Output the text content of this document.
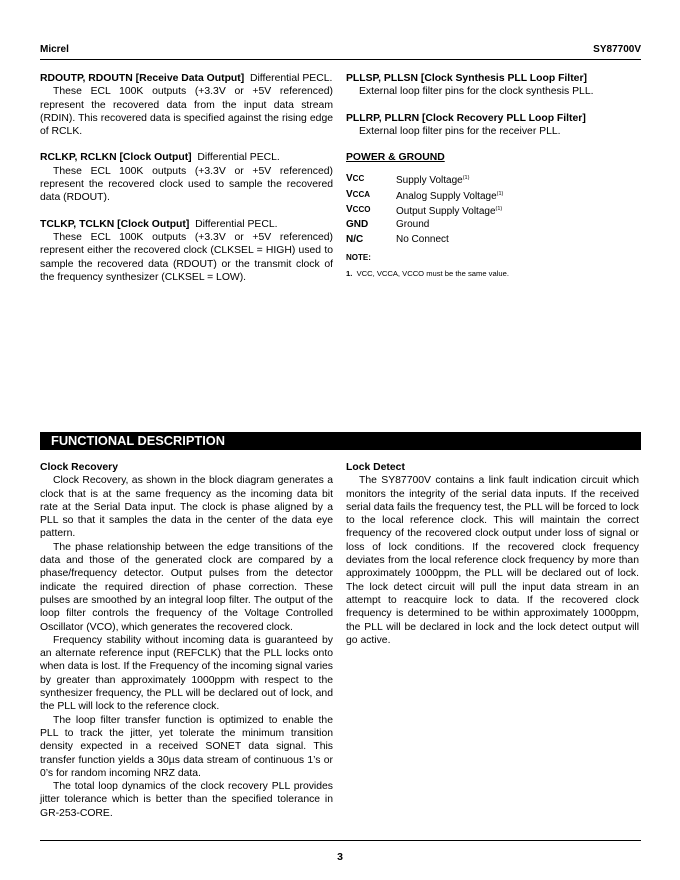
Micrel	SY87700V

RDOUTP, RDOUTN [Receive Data Output] Differential PECL.

These ECL 100K outputs (+3.3V or +5V referenced) represent the recovered data from the input data stream (RDIN). This recovered data is specified against the rising edge of RCLK.

RCLKP, RCLKN [Clock Output] Differential PECL.

These ECL 100K outputs (+3.3V or +5V referenced) represent the recovered clock used to sample the recovered data (RDOUT).

TCLKP, TCLKN [Clock Output] Differential PECL.

These ECL 100K outputs (+3.3V or +5V referenced) represent either the recovered clock (CLKSEL = HIGH) used to sample the recovered data (RDOUT) or the transmit clock of the frequency synthesizer (CLKSEL = LOW).

PLLSP, PLLSN [Clock Synthesis PLL Loop Filter]

External loop filter pins for the clock synthesis PLL.

PLLRP, PLLRN [Clock Recovery PLL Loop Filter]

External loop filter pins for the receiver PLL.

POWER & GROUND

VCC	Supply Voltage$^{(1)}$
VCCA	Analog Supply Voltage$^{(1)}$
VCCO	Output Supply Voltage$^{(1)}$
GND	Ground
N/C	No Connect
NOTE:
1. VCC, VCCA, VCCO must be the same value.
FUNCTIONAL DESCRIPTION

Clock Recovery

Clock Recovery, as shown in the block diagram generates a clock that is at the same frequency as the incoming data bit rate at the Serial Data input. The clock is phase aligned by a PLL so that it samples the data in the center of the data eye pattern.

The phase relationship between the edge transitions of the data and those of the generated clock are compared by a phase/frequency detector. Output pulses from the detector indicate the required direction of phase correction. These pulses are smoothed by an integral loop filter. The output of the loop filter controls the frequency of the Voltage Controlled Oscillator (VCO), which generates the recovered clock.

Frequency stability without incoming data is guaranteed by an alternate reference input (REFCLK) that the PLL locks onto when data is lost. If the Frequency of the incoming signal varies by greater than approximately 1000ppm with respect to the synthesizer frequency, the PLL will be declared out of lock, and the PLL will lock to the reference clock.

The loop filter transfer function is optimized to enable the PLL to track the jitter, yet tolerate the minimum transition density expected in a received SONET data signal. This transfer function yields a 30µs data stream of continuous 1’s or 0’s for random incoming NRZ data.

The total loop dynamics of the clock recovery PLL provides jitter tolerance which is better than the specified tolerance in GR-253-CORE.

Lock Detect

The SY87700V contains a link fault indication circuit which monitors the integrity of the serial data inputs. If the received serial data fails the frequency test, the PLL will be forced to lock to the local reference clock. This will maintain the correct frequency of the recovered clock output under loss of signal or loss of lock conditions. If the recovered clock frequency deviates from the local reference clock frequency by more than approximately 1000ppm, the PLL will be declared out of lock. The lock detect circuit will pull the input data stream in an attempt to reacquire lock to data. If the recovered clock frequency is determined to be within approximately 1000ppm, the PLL will be declared in lock and the lock detect output will go active.

3
